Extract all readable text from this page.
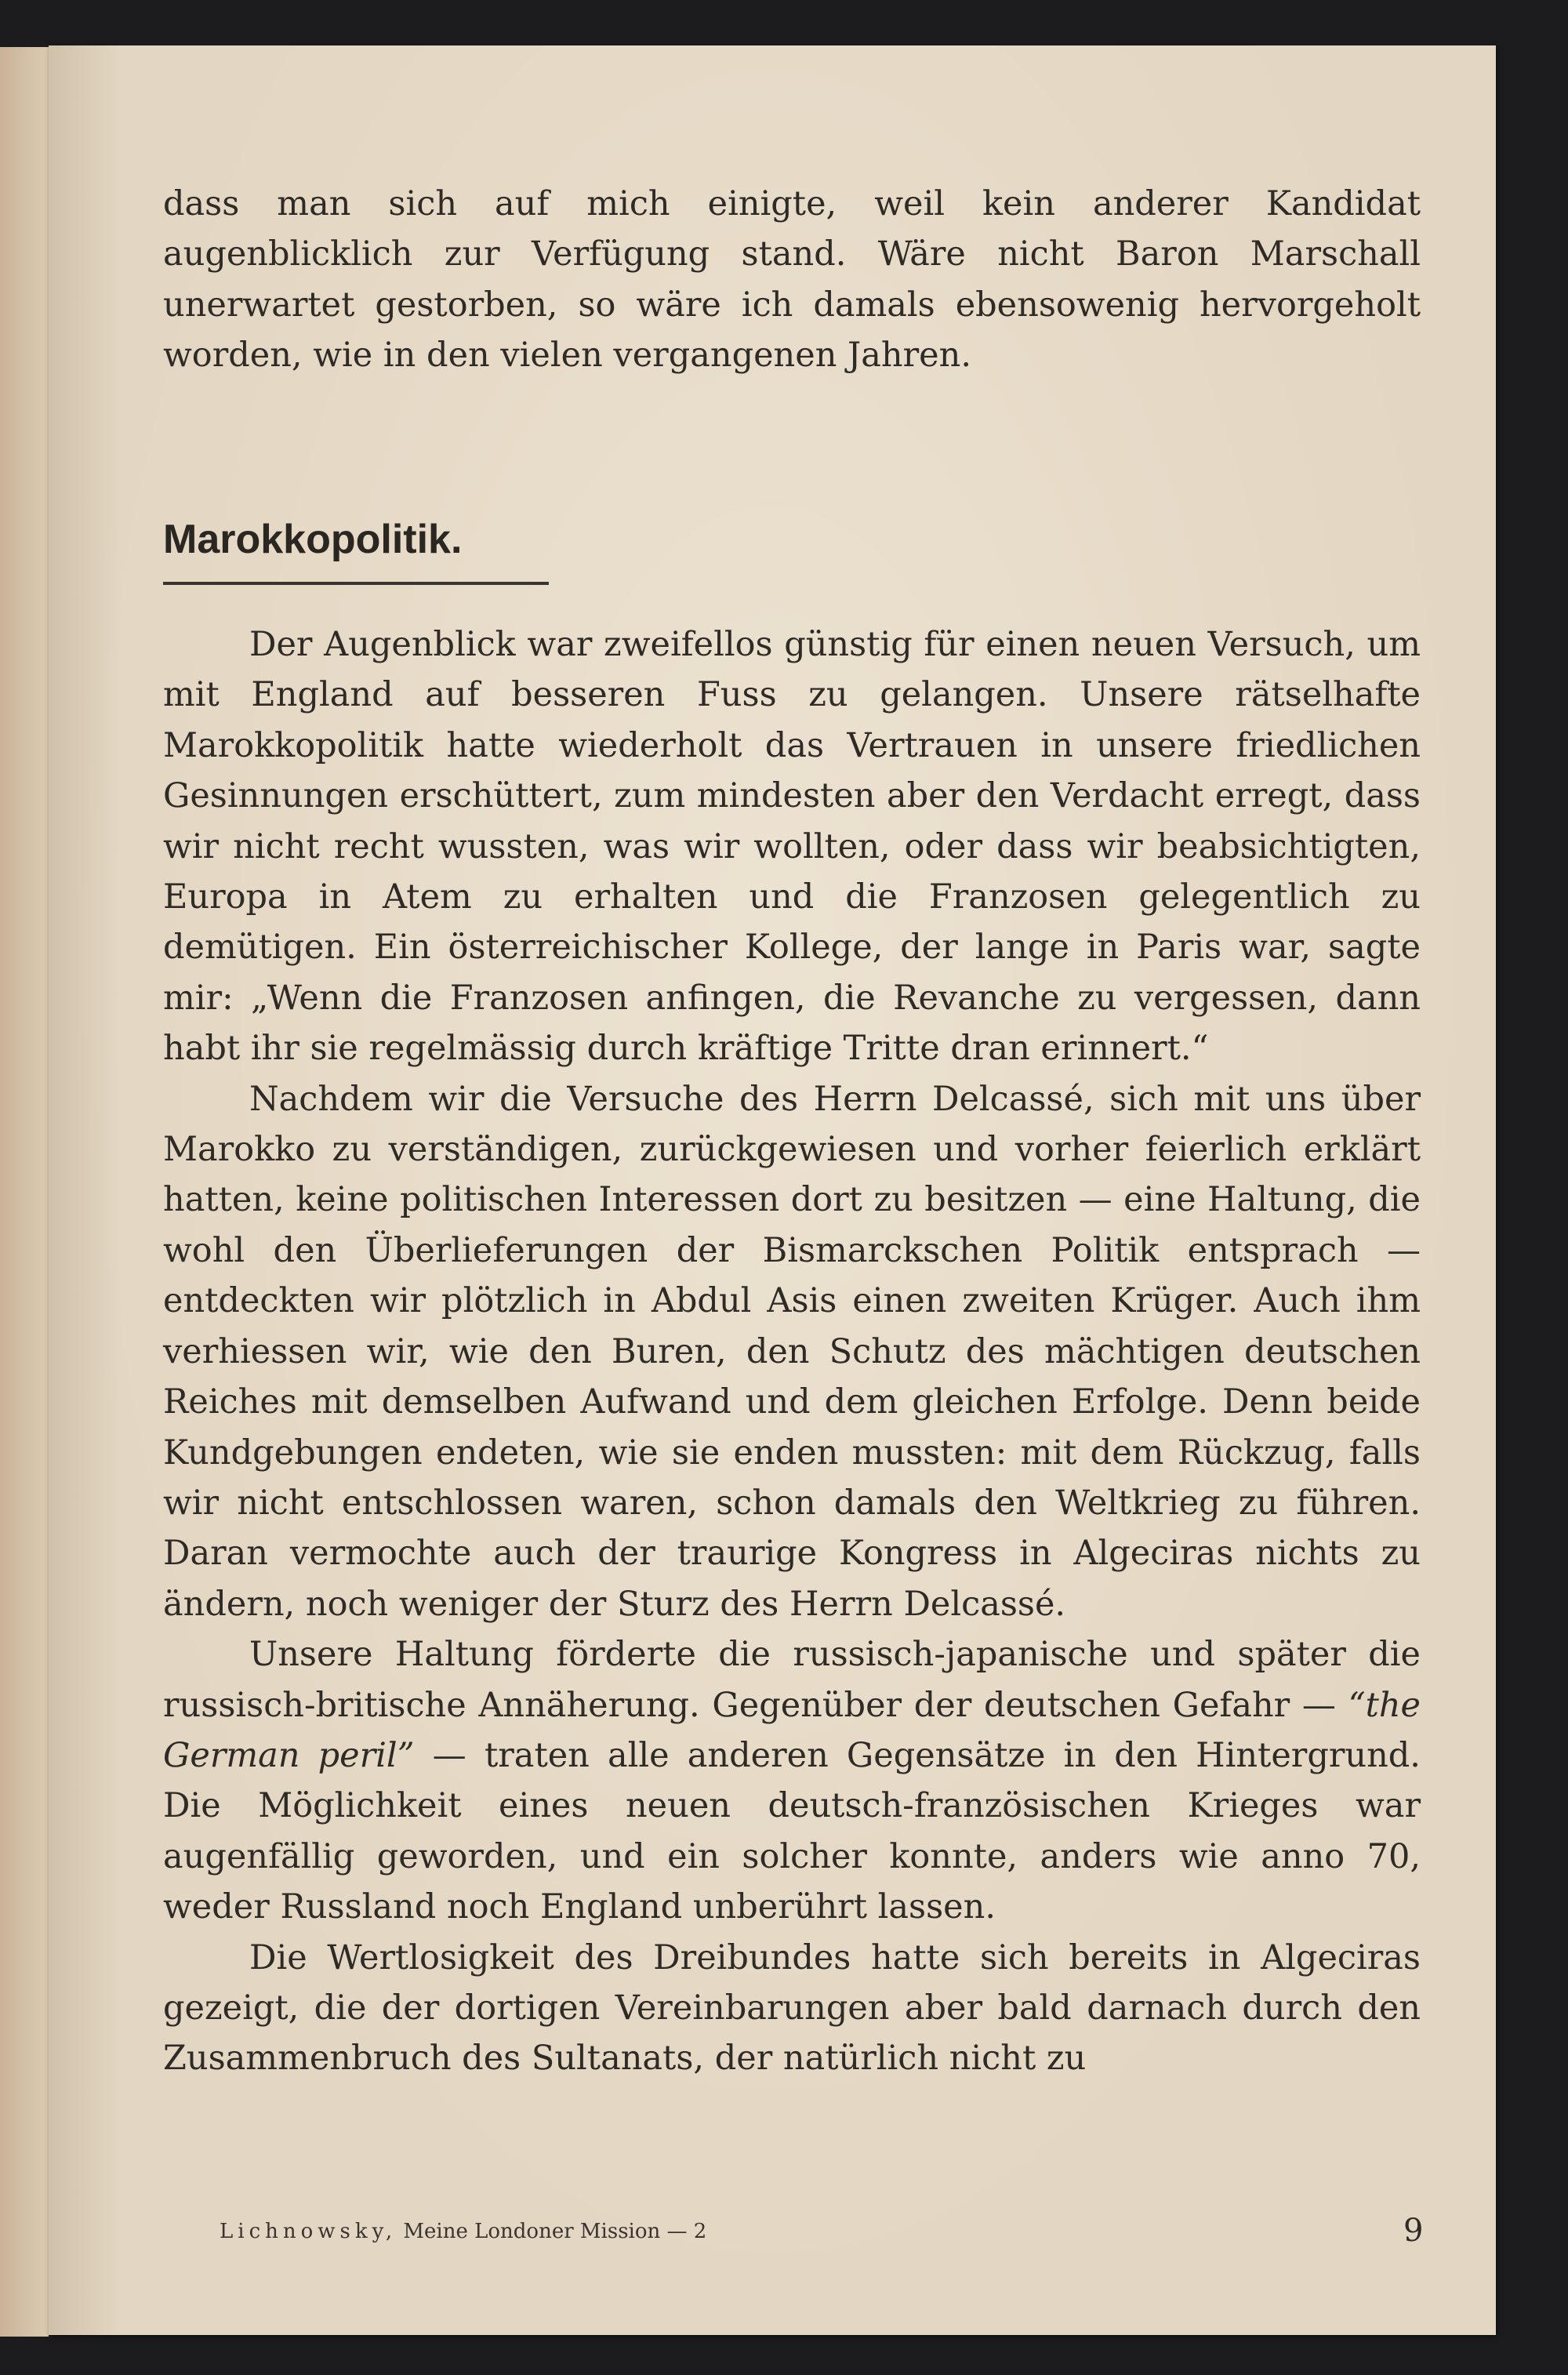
dass man sich auf mich einigte, weil kein anderer Kandidat augenblicklich zur Verfügung stand. Wäre nicht Baron Marschall unerwartet gestorben, so wäre ich damals ebensowenig hervorgeholt worden, wie in den vielen vergangenen Jahren.

Marokkopolitik.

Der Augenblick war zweifellos günstig für einen neuen Versuch, um mit England auf besseren Fuss zu gelangen. Unsere rätselhafte Marokkopolitik hatte wiederholt das Vertrauen in unsere friedlichen Gesinnungen erschüttert, zum mindesten aber den Verdacht erregt, dass wir nicht recht wussten, was wir wollten, oder dass wir beabsichtigten, Europa in Atem zu erhalten und die Franzosen gelegentlich zu demütigen. Ein österreichischer Kollege, der lange in Paris war, sagte mir: „Wenn die Franzosen anfingen, die Revanche zu vergessen, dann habt ihr sie regelmässig durch kräftige Tritte dran erinnert.“

Nachdem wir die Versuche des Herrn Delcassé, sich mit uns über Marokko zu verständigen, zurückgewiesen und vorher feierlich erklärt hatten, keine politischen Interessen dort zu besitzen — eine Haltung, die wohl den Überlieferungen der Bismarckschen Politik entsprach — entdeckten wir plötzlich in Abdul Asis einen zweiten Krüger. Auch ihm verhiessen wir, wie den Buren, den Schutz des mächtigen deutschen Reiches mit demselben Aufwand und dem gleichen Erfolge. Denn beide Kundgebungen endeten, wie sie enden mussten: mit dem Rückzug, falls wir nicht entschlossen waren, schon damals den Weltkrieg zu führen. Daran vermochte auch der traurige Kongress in Algeciras nichts zu ändern, noch weniger der Sturz des Herrn Delcassé.

Unsere Haltung förderte die russisch-japanische und später die russisch-britische Annäherung. Gegenüber der deutschen Gefahr — “the German peril” — traten alle anderen Gegensätze in den Hintergrund. Die Möglichkeit eines neuen deutsch-französischen Krieges war augenfällig geworden, und ein solcher konnte, anders wie anno 70, weder Russland noch England unberührt lassen.

Die Wertlosigkeit des Dreibundes hatte sich bereits in Algeciras gezeigt, die der dortigen Vereinbarungen aber bald darnach durch den Zusammenbruch des Sultanats, der natürlich nicht zu

Lichnowsky, Meine Londoner Mission — 2	9
